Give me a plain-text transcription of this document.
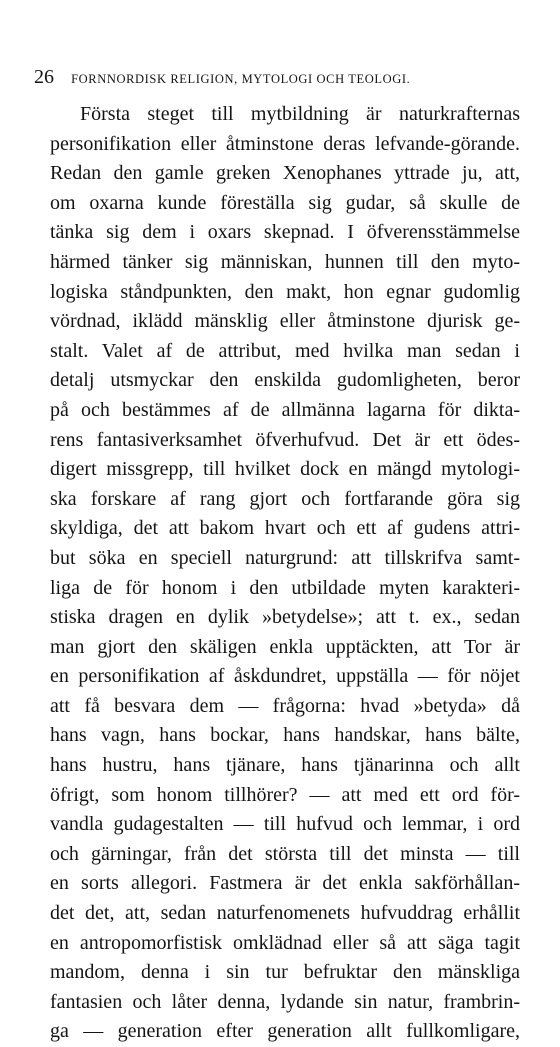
26 FORNNORDISK RELIGION, MYTOLOGI OCH TEOLOGI.
Första steget till mytbildning är naturkrafternas
personifikation eller åtminstone deras lefvande-görande.
Redan den gamle greken Xenophanes yttrade ju, att,
om oxarna kunde föreställa sig gudar, så skulle de
tänka sig dem i oxars skepnad. I öfverensstämmelse
härmed tänker sig människan, hunnen till den myto-
logiska ståndpunkten, den makt, hon egnar gudomlig
vördnad, iklädd mänsklig eller åtminstone djurisk ge-
stalt. Valet af de attribut, med hvilka man sedan i
detalj utsmyckar den enskilda gudomligheten, beror
på och bestämmes af de allmänna lagarna för dikta-
rens fantasiverksamhet öfverhufvud. Det är ett ödes-
digert missgrepp, till hvilket dock en mängd mytologi-
ska forskare af rang gjort och fortfarande göra sig
skyldiga, det att bakom hvart och ett af gudens attri-
but söka en speciell naturgrund: att tillskrifva samt-
liga de för honom i den utbildade myten karakteri-
stiska dragen en dylik »betydelse»; att t. ex., sedan
man gjort den skäligen enkla upptäckten, att Tor är
en personifikation af åskdundret, uppställa — för nöjet
att få besvara dem — frågorna: hvad »betyda» då
hans vagn, hans bockar, hans handskar, hans bälte,
hans hustru, hans tjänare, hans tjänarinna och allt
öfrigt, som honom tillhörer? — att med ett ord för-
vandla gudagestalten — till hufvud och lemmar, i ord
och gärningar, från det största till det minsta — till
en sorts allegori. Fastmera är det enkla sakförhållan-
det det, att, sedan naturfenomenets hufvuddrag erhållit
en antropomorfistisk omklädnad eller så att säga tagit
mandom, denna i sin tur befruktar den mänskliga
fantasien och låter denna, lydande sin natur, frambrin-
ga — generation efter generation allt fullkomligare,
